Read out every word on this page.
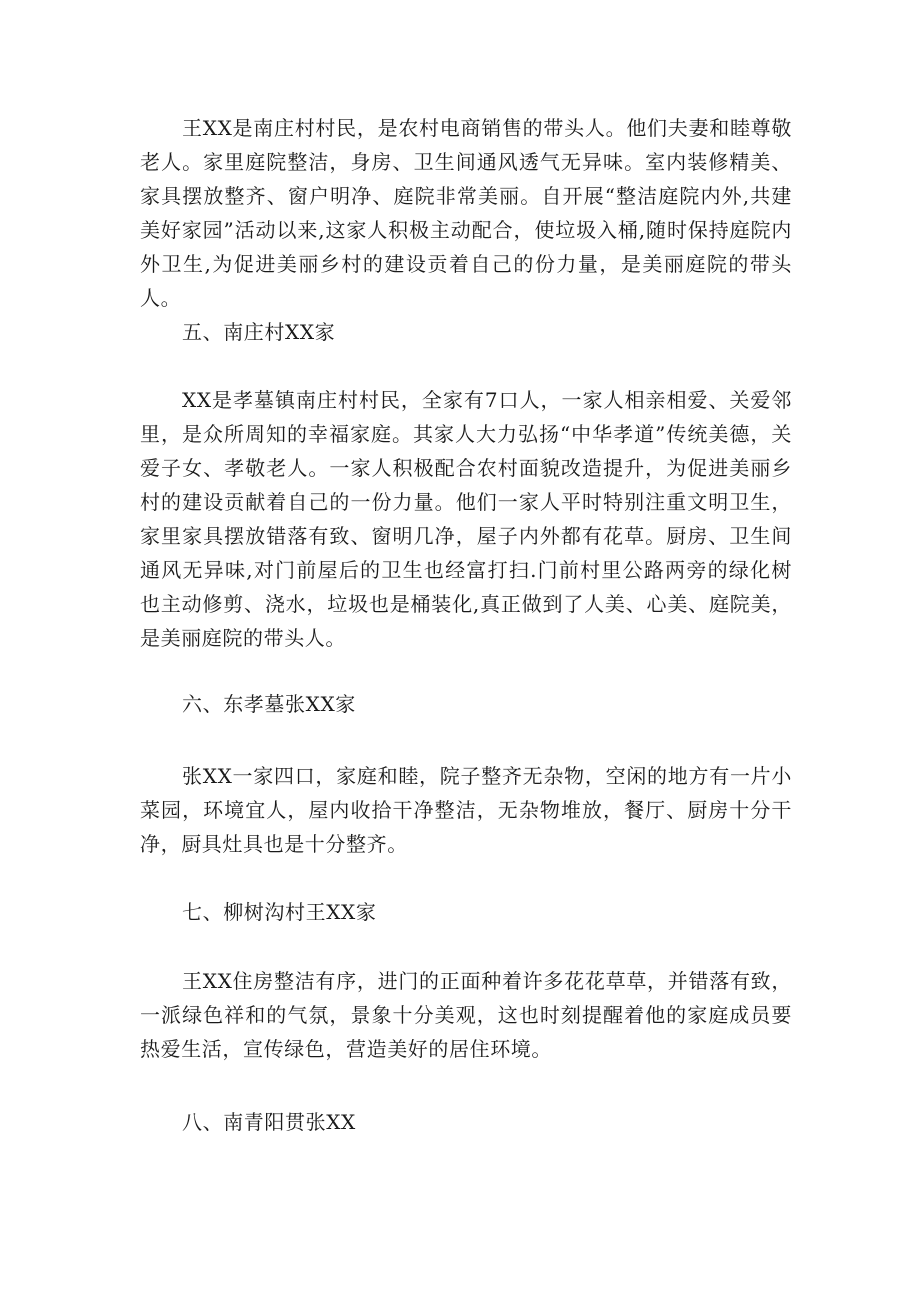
王XX是南庄村村民，是农村电商销售的带头人。他们夫妻和睦尊敬老人。家里庭院整洁，身房、卫生间通风透气无异味。室内装修精美、家具摆放整齐、窗户明净、庭院非常美丽。自开展“整洁庭院内外,共建美好家园”活动以来,这家人积极主动配合，使垃圾入桶,随时保持庭院内外卫生,为促进美丽乡村的建设贡着自己的份力量，是美丽庭院的带头人。

五、南庄村XX家

XX是孝墓镇南庄村村民，全家有7口人，一家人相亲相爱、关爱邻里，是众所周知的幸福家庭。其家人大力弘扬“中华孝道”传统美德，关爱子女、孝敬老人。一家人积极配合农村面貌改造提升，为促进美丽乡村的建设贡献着自己的一份力量。他们一家人平时特别注重文明卫生，家里家具摆放错落有致、窗明几净，屋子内外都有花草。厨房、卫生间通风无异味,对门前屋后的卫生也经富打扫.门前村里公路两旁的绿化树也主动修剪、浇水，垃圾也是桶装化,真正做到了人美、心美、庭院美，是美丽庭院的带头人。

六、东孝墓张XX家

张XX一家四口，家庭和睦，院子整齐无杂物，空闲的地方有一片小菜园，环境宜人，屋内收拾干净整洁，无杂物堆放，餐厅、厨房十分干净，厨具灶具也是十分整齐。

七、柳树沟村王XX家

王XX住房整洁有序，进门的正面种着许多花花草草，并错落有致，一派绿色祥和的气氛，景象十分美观，这也时刻提醒着他的家庭成员要热爱生活，宣传绿色，营造美好的居住环境。

八、南青阳贯张XX
